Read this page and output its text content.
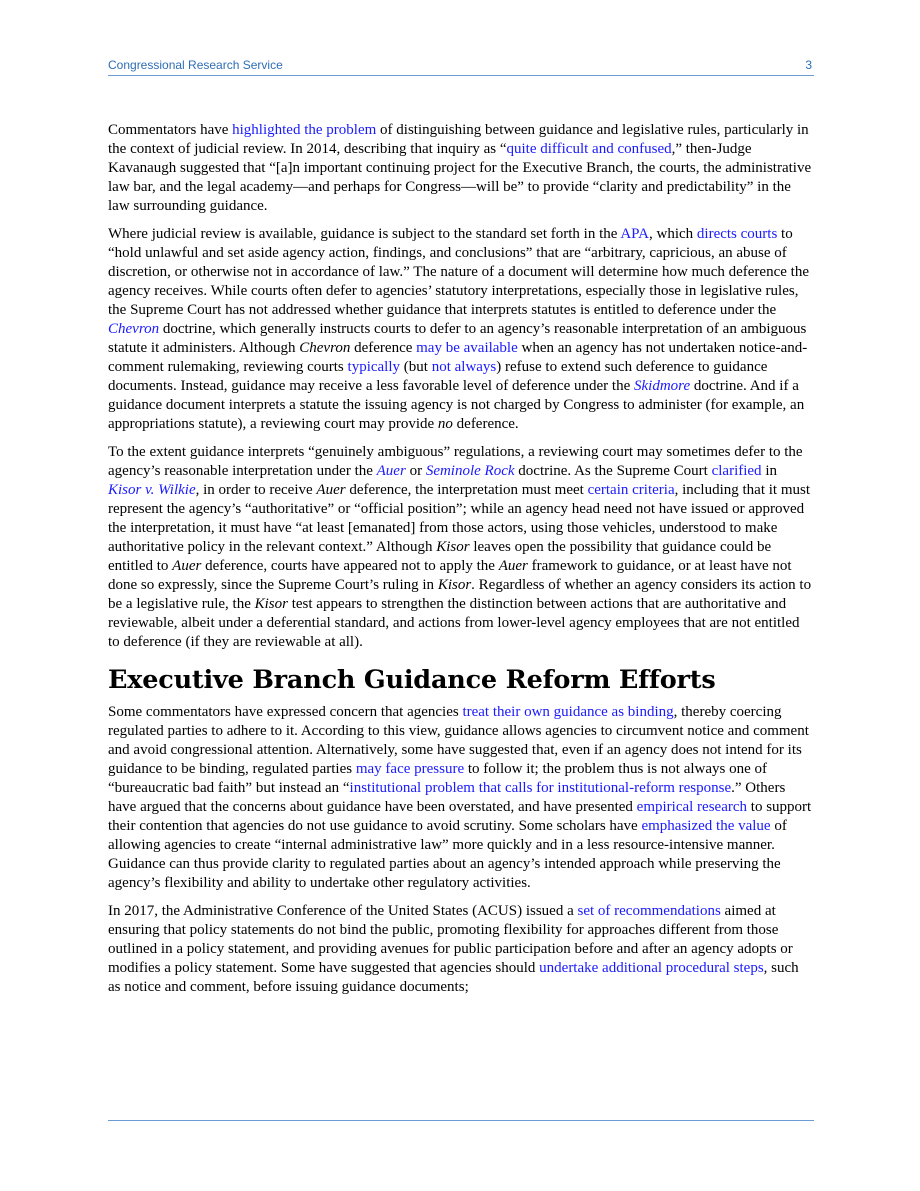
Congressional Research Service	3

Commentators have highlighted the problem of distinguishing between guidance and legislative rules, particularly in the context of judicial review. In 2014, describing that inquiry as “quite difficult and confused,” then-Judge Kavanaugh suggested that “[a]n important continuing project for the Executive Branch, the courts, the administrative law bar, and the legal academy—and perhaps for Congress—will be” to provide “clarity and predictability” in the law surrounding guidance.

Where judicial review is available, guidance is subject to the standard set forth in the APA, which directs courts to “hold unlawful and set aside agency action, findings, and conclusions” that are “arbitrary, capricious, an abuse of discretion, or otherwise not in accordance of law.” The nature of a document will determine how much deference the agency receives. While courts often defer to agencies’ statutory interpretations, especially those in legislative rules, the Supreme Court has not addressed whether guidance that interprets statutes is entitled to deference under the Chevron doctrine, which generally instructs courts to defer to an agency’s reasonable interpretation of an ambiguous statute it administers. Although Chevron deference may be available when an agency has not undertaken notice-and-comment rulemaking, reviewing courts typically (but not always) refuse to extend such deference to guidance documents. Instead, guidance may receive a less favorable level of deference under the Skidmore doctrine. And if a guidance document interprets a statute the issuing agency is not charged by Congress to administer (for example, an appropriations statute), a reviewing court may provide no deference.

To the extent guidance interprets “genuinely ambiguous” regulations, a reviewing court may sometimes defer to the agency’s reasonable interpretation under the Auer or Seminole Rock doctrine. As the Supreme Court clarified in Kisor v. Wilkie, in order to receive Auer deference, the interpretation must meet certain criteria, including that it must represent the agency’s “authoritative” or “official position”; while an agency head need not have issued or approved the interpretation, it must have “at least [emanated] from those actors, using those vehicles, understood to make authoritative policy in the relevant context.” Although Kisor leaves open the possibility that guidance could be entitled to Auer deference, courts have appeared not to apply the Auer framework to guidance, or at least have not done so expressly, since the Supreme Court’s ruling in Kisor. Regardless of whether an agency considers its action to be a legislative rule, the Kisor test appears to strengthen the distinction between actions that are authoritative and reviewable, albeit under a deferential standard, and actions from lower-level agency employees that are not entitled to deference (if they are reviewable at all).

Executive Branch Guidance Reform Efforts

Some commentators have expressed concern that agencies treat their own guidance as binding, thereby coercing regulated parties to adhere to it. According to this view, guidance allows agencies to circumvent notice and comment and avoid congressional attention. Alternatively, some have suggested that, even if an agency does not intend for its guidance to be binding, regulated parties may face pressure to follow it; the problem thus is not always one of “bureaucratic bad faith” but instead an “institutional problem that calls for institutional-reform response.” Others have argued that the concerns about guidance have been overstated, and have presented empirical research to support their contention that agencies do not use guidance to avoid scrutiny. Some scholars have emphasized the value of allowing agencies to create “internal administrative law” more quickly and in a less resource-intensive manner. Guidance can thus provide clarity to regulated parties about an agency’s intended approach while preserving the agency’s flexibility and ability to undertake other regulatory activities.

In 2017, the Administrative Conference of the United States (ACUS) issued a set of recommendations aimed at ensuring that policy statements do not bind the public, promoting flexibility for approaches different from those outlined in a policy statement, and providing avenues for public participation before and after an agency adopts or modifies a policy statement. Some have suggested that agencies should undertake additional procedural steps, such as notice and comment, before issuing guidance documents;
